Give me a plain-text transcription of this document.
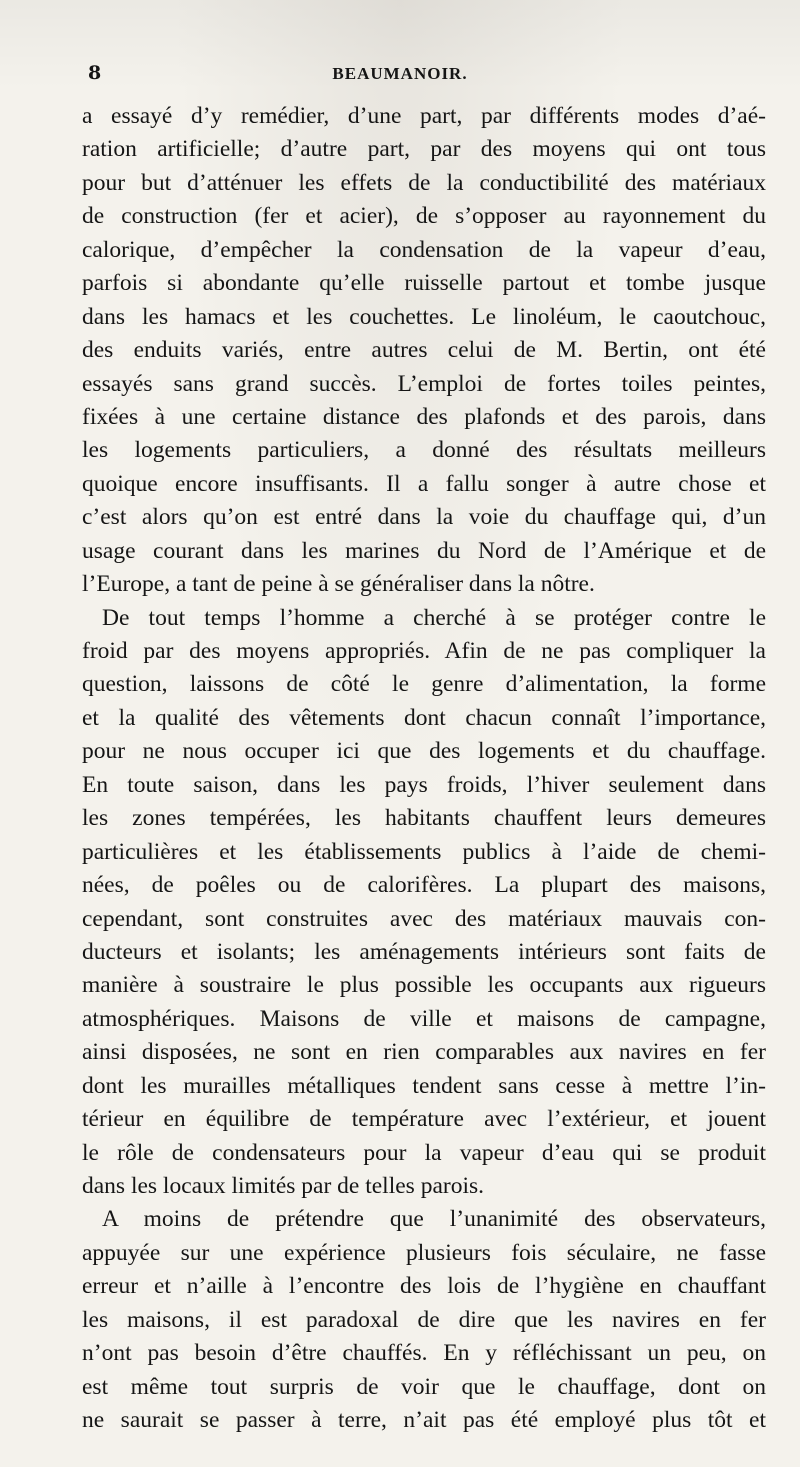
8	BEAUMANOIR.
a essayé d’y remédier, d’une part, par différents modes d’aé-
ration artificielle; d’autre part, par des moyens qui ont tous
pour but d’atténuer les effets de la conductibilité des matériaux
de construction (fer et acier), de s’opposer au rayonnement du
calorique, d’empêcher la condensation de la vapeur d’eau,
parfois si abondante qu’elle ruisselle partout et tombe jusque
dans les hamacs et les couchettes. Le linoléum, le caoutchouc,
des enduits variés, entre autres celui de M. Bertin, ont été
essayés sans grand succès. L’emploi de fortes toiles peintes,
fixées à une certaine distance des plafonds et des parois, dans
les logements particuliers, a donné des résultats meilleurs
quoique encore insuffisants. Il a fallu songer à autre chose et
c’est alors qu’on est entré dans la voie du chauffage qui, d’un
usage courant dans les marines du Nord de l’Amérique et de
l’Europe, a tant de peine à se généraliser dans la nôtre.
De tout temps l’homme a cherché à se protéger contre le
froid par des moyens appropriés. Afin de ne pas compliquer la
question, laissons de côté le genre d’alimentation, la forme
et la qualité des vêtements dont chacun connaît l’importance,
pour ne nous occuper ici que des logements et du chauffage.
En toute saison, dans les pays froids, l’hiver seulement dans
les zones tempérées, les habitants chauffent leurs demeures
particulières et les établissements publics à l’aide de chemi-
nées, de poêles ou de calorifères. La plupart des maisons,
cependant, sont construites avec des matériaux mauvais con-
ducteurs et isolants; les aménagements intérieurs sont faits de
manière à soustraire le plus possible les occupants aux rigueurs
atmosphériques. Maisons de ville et maisons de campagne,
ainsi disposées, ne sont en rien comparables aux navires en fer
dont les murailles métalliques tendent sans cesse à mettre l’in-
térieur en équilibre de température avec l’extérieur, et jouent
le rôle de condensateurs pour la vapeur d’eau qui se produit
dans les locaux limités par de telles parois.
A moins de prétendre que l’unanimité des observateurs,
appuyée sur une expérience plusieurs fois séculaire, ne fasse
erreur et n’aille à l’encontre des lois de l’hygiène en chauffant
les maisons, il est paradoxal de dire que les navires en fer
n’ont pas besoin d’être chauffés. En y réfléchissant un peu, on
est même tout surpris de voir que le chauffage, dont on
ne saurait se passer à terre, n’ait pas été employé plus tôt et
